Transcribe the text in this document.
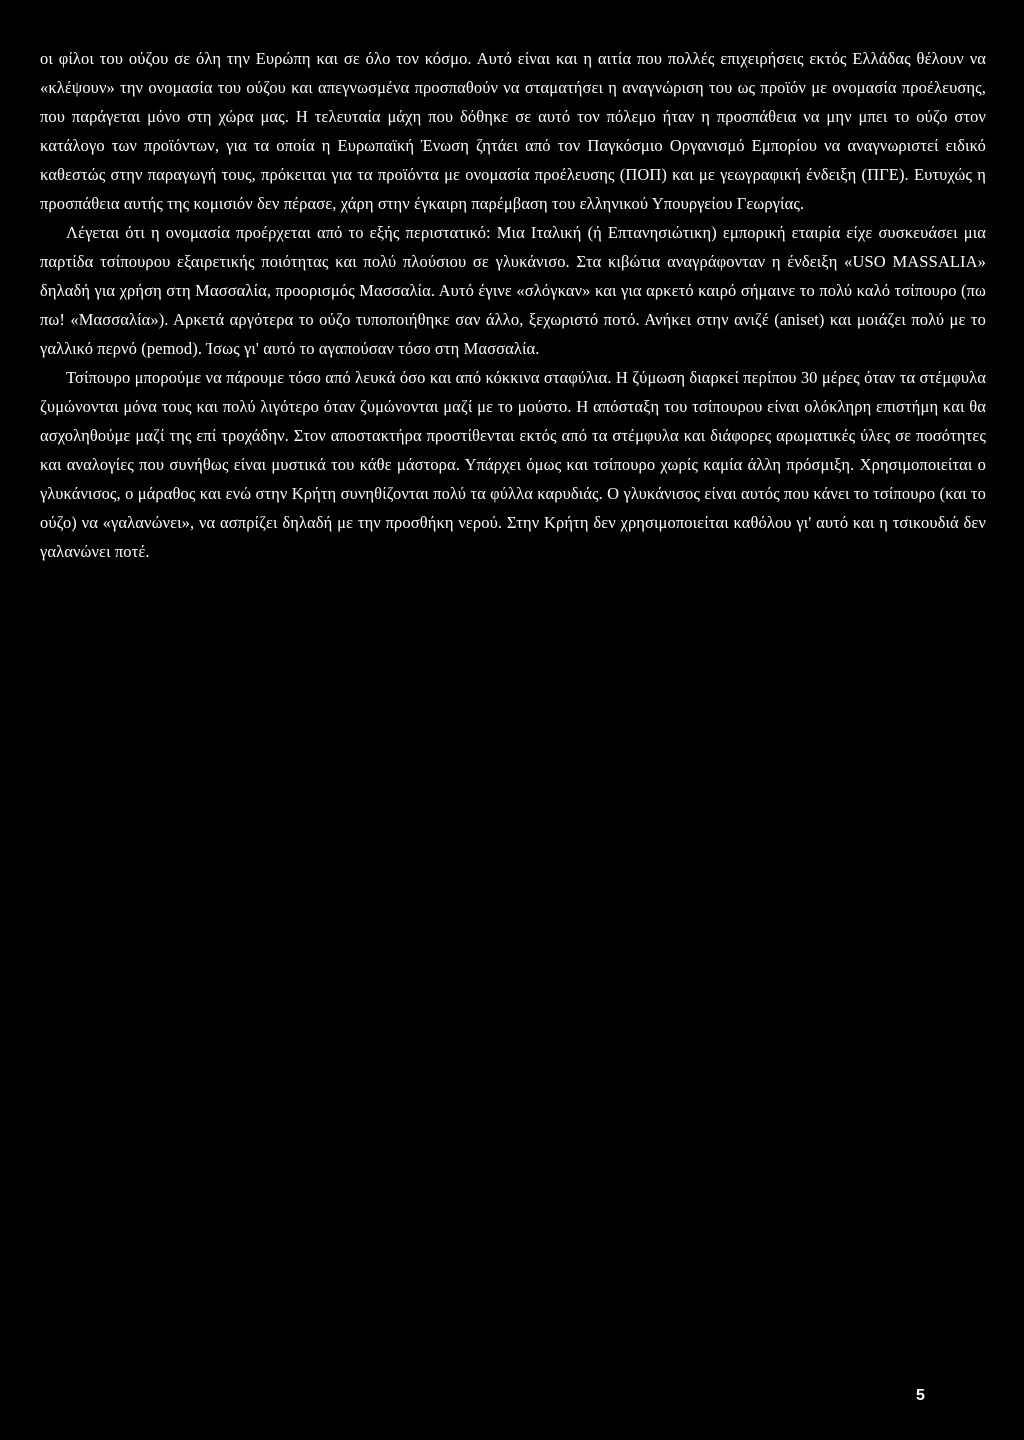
οι φίλοι του ούζου σε όλη την Ευρώπη και σε όλο τον κόσμο. Αυτό είναι και η αιτία που πολλές επιχειρήσεις εκτός Ελλάδας θέλουν να «κλέψουν» την ονομασία του ούζου και απεγνωσμένα προσπαθούν να σταματήσει η αναγνώριση του ως προϊόν με ονομασία προέλευσης, που παράγεται μόνο στη χώρα μας. Η τελευταία μάχη που δόθηκε σε αυτό τον πόλεμο ήταν η προσπάθεια να μην μπει το ούζο στον κατάλογο των προϊόντων, για τα οποία η Ευρωπαϊκή Ένωση ζητάει από τον Παγκόσμιο Οργανισμό Εμπορίου να αναγνωριστεί ειδικό καθεστώς στην παραγωγή τους, πρόκειται για τα προϊόντα με ονομασία προέλευσης (ΠΟΠ) και με γεωγραφική ένδειξη (ΠΓΕ). Ευτυχώς η προσπάθεια αυτής της κομισιόν δεν πέρασε, χάρη στην έγκαιρη παρέμβαση του ελληνικού Υπουργείου Γεωργίας.

Λέγεται ότι η ονομασία προέρχεται από το εξής περιστατικό: Μια Ιταλική (ή Επτανησιώτικη) εμπορική εταιρία είχε συσκευάσει μια παρτίδα τσίπουρου εξαιρετικής ποιότητας και πολύ πλούσιου σε γλυκάνισο. Στα κιβώτια αναγράφονταν η ένδειξη «USO MASSALIA» δηλαδή για χρήση στη Μασσαλία, προορισμός Μασσαλία. Αυτό έγινε «σλόγκαν» και για αρκετό καιρό σήμαινε το πολύ καλό τσίπουρο (πω πω! «Μασσαλία»). Αρκετά αργότερα το ούζο τυποποιήθηκε σαν άλλο, ξεχωριστό ποτό. Ανήκει στην ανιζέ (aniset) και μοιάζει πολύ με το γαλλικό περνό (pemod). Ίσως γι' αυτό το αγαπούσαν τόσο στη Μασσαλία.

Τσίπουρο μπορούμε να πάρουμε τόσο από λευκά όσο και από κόκκινα σταφύλια. Η ζύμωση διαρκεί περίπου 30 μέρες όταν τα στέμφυλα ζυμώνονται μόνα τους και πολύ λιγότερο όταν ζυμώνονται μαζί με το μούστο. Η απόσταξη του τσίπουρου είναι ολόκληρη επιστήμη και θα ασχοληθούμε μαζί της επί τροχάδην. Στον αποστακτήρα προστίθενται εκτός από τα στέμφυλα και διάφορες αρωματικές ύλες σε ποσότητες και αναλογίες που συνήθως είναι μυστικά του κάθε μάστορα. Υπάρχει όμως και τσίπουρο χωρίς καμία άλλη πρόσμιξη. Χρησιμοποιείται ο γλυκάνισος, ο μάραθος και ενώ στην Κρήτη συνηθίζονται πολύ τα φύλλα καρυδιάς. Ο γλυκάνισος είναι αυτός που κάνει το τσίπουρο (και το ούζο) να «γαλανώνει», να ασπρίζει δηλαδή με την προσθήκη νερού. Στην Κρήτη δεν χρησιμοποιείται καθόλου γι' αυτό και η τσικουδιά δεν γαλανώνει ποτέ.

5
